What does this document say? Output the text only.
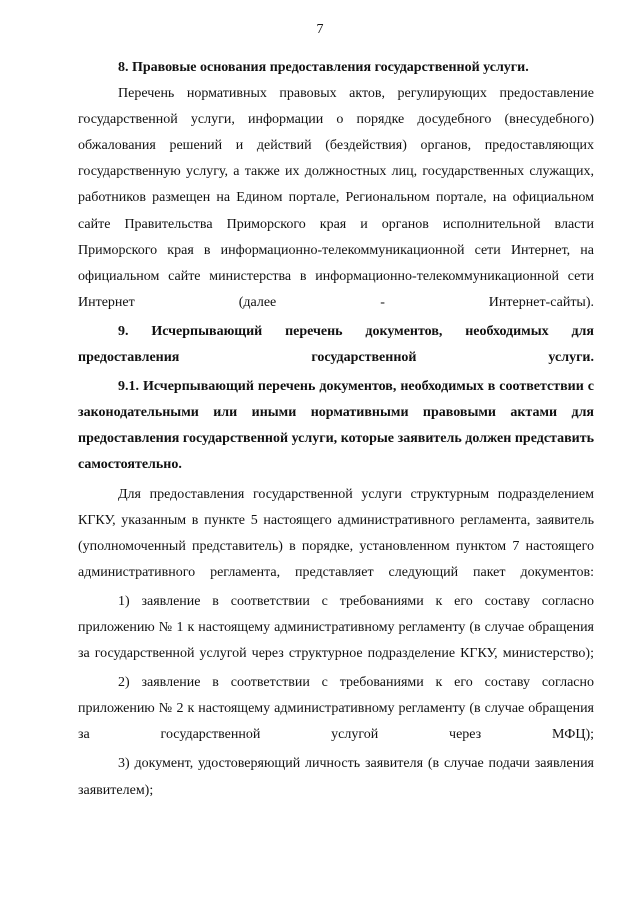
7

8. Правовые основания предоставления государственной услуги.

Перечень нормативных правовых актов, регулирующих предоставление государственной услуги, информации о порядке досудебного (внесудебного) обжалования решений и действий (бездействия) органов, предоставляющих государственную услугу, а также их должностных лиц, государственных служащих, работников размещен на Едином портале, Региональном портале, на официальном сайте Правительства Приморского края и органов исполнительной власти Приморского края в информационно-телекоммуникационной сети Интернет, на официальном сайте министерства в информационно-телекоммуникационной сети Интернет (далее - Интернет-сайты).

9. Исчерпывающий перечень документов, необходимых для предоставления государственной услуги.

9.1. Исчерпывающий перечень документов, необходимых в соответствии с законодательными или иными нормативными правовыми актами для предоставления государственной услуги, которые заявитель должен представить самостоятельно.

Для предоставления государственной услуги структурным подразделением КГКУ, указанным в пункте 5 настоящего административного регламента, заявитель (уполномоченный представитель) в порядке, установленном пунктом 7 настоящего административного регламента, представляет следующий пакет документов:

1) заявление в соответствии с требованиями к его составу согласно приложению № 1 к настоящему административному регламенту (в случае обращения за государственной услугой через структурное подразделение КГКУ, министерство);

2) заявление в соответствии с требованиями к его составу согласно приложению № 2 к настоящему административному регламенту (в случае обращения за государственной услугой через МФЦ);

3) документ, удостоверяющий личность заявителя (в случае подачи заявления заявителем);
